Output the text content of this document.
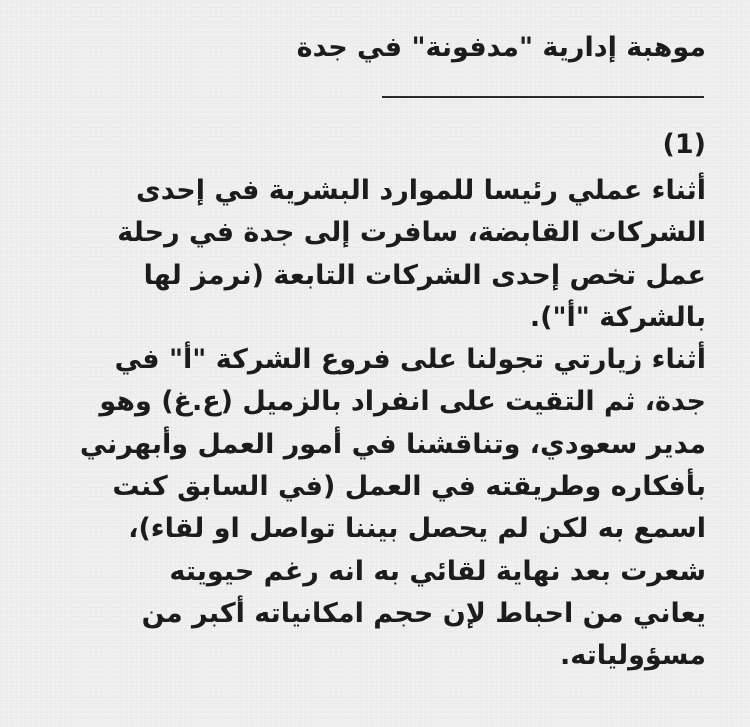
موهبة إدارية "مدفونة" في جدة

(1)

أثناء عملي رئيسا للموارد البشرية في إحدى
الشركات القابضة، سافرت إلى جدة في رحلة
عمل تخص إحدى الشركات التابعة (نرمز لها
بالشركة "أ").
أثناء زيارتي تجولنا على فروع الشركة "أ" في
جدة، ثم التقيت على انفراد بالزميل (ع.غ) وهو
مدير سعودي، وتناقشنا في أمور العمل وأبهرني
بأفكاره وطريقته في العمل (في السابق كنت
اسمع به لكن لم يحصل بيننا تواصل او لقاء)،
شعرت بعد نهاية لقائي به انه رغم حيويته
يعاني من احباط لإن حجم امكانياته أكبر من
مسؤولياته.
